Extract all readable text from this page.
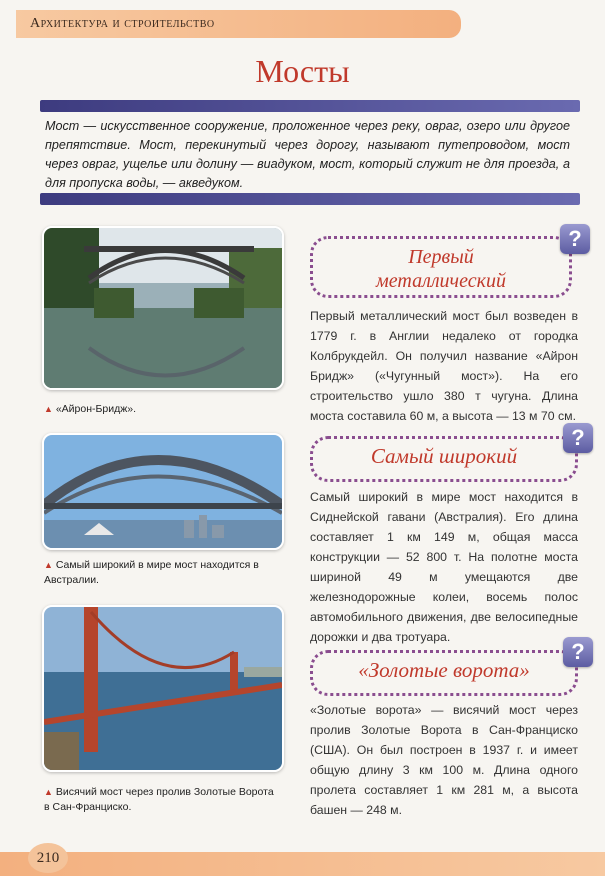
Архитектура и строительство
Мосты
Мост — искусственное сооружение, проложенное через реку, овраг, озеро или другое препятствие. Мост, перекинутый через дорогу, называют путепроводом, мост через овраг, ущелье или долину — виадуком, мост, который служит не для проезда, а для пропуска воды, — акведуком.
▲ «Айрон-Бридж».
Первый
металлический
?
Первый металлический мост был возведен в 1779 г. в Англии недалеко от городка Колбрукдейл. Он получил название «Айрон Бридж» («Чугунный мост»). На его строительство ушло 380 т чугуна. Длина моста составила 60 м, а высота — 13 м 70 см.
▲ Самый широкий в мире мост находится в Австралии.
Самый широкий
?
Самый широкий в мире мост находится в Сиднейской гавани (Австралия). Его длина составляет 1 км 149 м, общая масса конструкции — 52 800 т. На полотне моста шириной 49 м умещаются две железнодорожные колеи, восемь полос автомобильного движения, две велосипедные дорожки и два тротуара.
▲ Висячий мост через пролив Золотые Ворота в Сан-Франциско.
«Золотые ворота»
?
«Золотые ворота» — висячий мост через пролив Золотые Ворота в Сан-Франциско (США). Он был построен в 1937 г. и имеет общую длину 3 км 100 м. Длина одного пролета составляет 1 км 281 м, а высота башен — 248 м.
210
